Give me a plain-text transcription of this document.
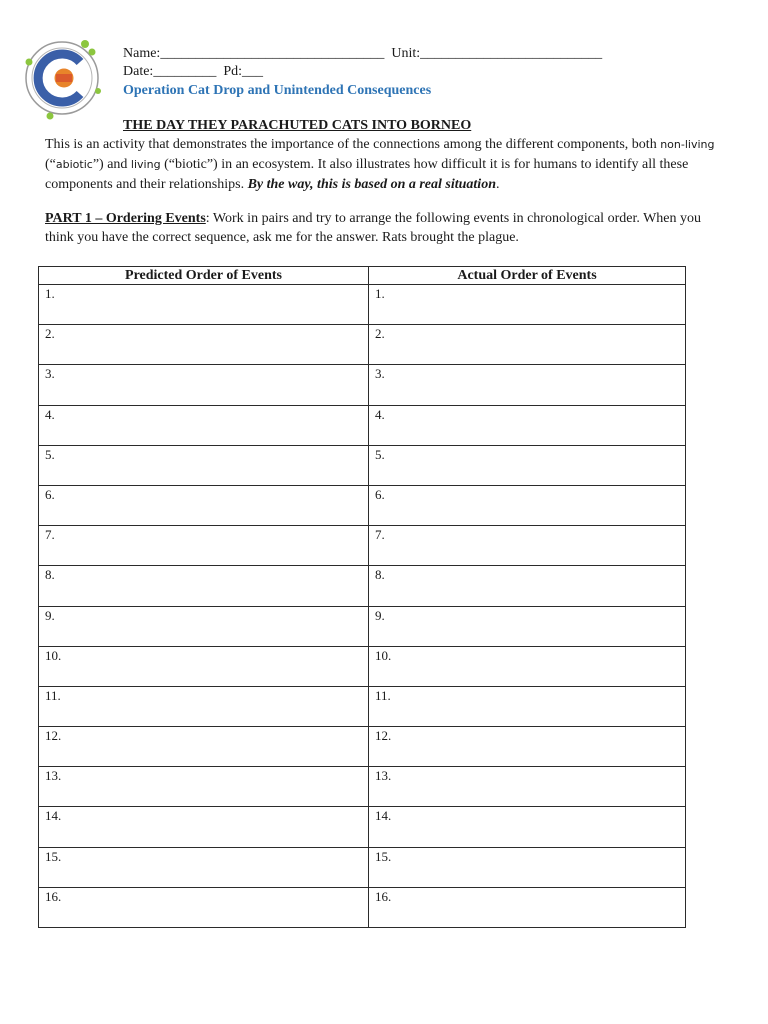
Name:________________________________ Unit:__________________________
Date:_________ Pd:___
Operation Cat Drop and Unintended Consequences
THE DAY THEY PARACHUTED CATS INTO BORNEO
This is an activity that demonstrates the importance of the connections among the different components, both non-living (“abiotic”) and living (“biotic”) in an ecosystem. It also illustrates how difficult it is for humans to identify all these components and their relationships. By the way, this is based on a real situation.
PART 1 – Ordering Events: Work in pairs and try to arrange the following events in chronological order. When you think you have the correct sequence, ask me for the answer. Rats brought the plague.
Predicted Order of Events	Actual Order of Events
1.	1.
2.	2.
3.	3.
4.	4.
5.	5.
6.	6.
7.	7.
8.	8.
9.	9.
10.	10.
11.	11.
12.	12.
13.	13.
14.	14.
15.	15.
16.	16.
